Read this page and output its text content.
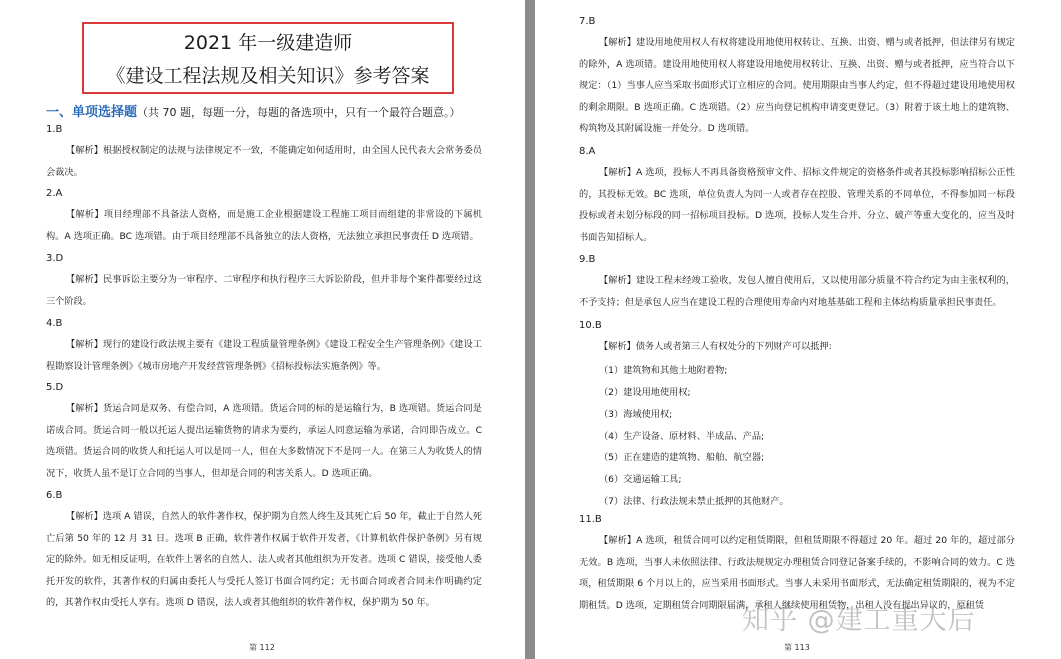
2021 年一级建造师
《建设工程法规及相关知识》参考答案
一、单项选择题（共 70 题，每题一分，每题的备选项中，只有一个最符合题意。）
1.B
【解析】根据授权制定的法规与法律规定不一致，不能确定如何适用时，由全国人民代表大会常务委员会裁决。
2.A
【解析】项目经理部不具备法人资格，而是施工企业根据建设工程施工项目而组建的非常设的下属机构。A 选项正确。BC 选项错。由于项目经理部不具备独立的法人资格，无法独立承担民事责任 D 选项错。
3.D
【解析】民事诉讼主要分为一审程序、二审程序和执行程序三大诉讼阶段，但并非每个案件都要经过这三个阶段。
4.B
【解析】现行的建设行政法规主要有《建设工程质量管理条例》《建设工程安全生产管理条例》《建设工程勘察设计管理条例》《城市房地产开发经营管理条例》《招标投标法实施条例》等。
5.D
【解析】货运合同是双务、有偿合同，A 选项错。货运合同的标的是运输行为，B 选项错。货运合同是诺成合同。货运合同一般以托运人提出运输货物的请求为要约，承运人同意运输为承诺，合同即告成立。C 选项错。货运合同的收货人和托运人可以是同一人，但在大多数情况下不是同一人。在第三人为收货人的情况下，收货人虽不是订立合同的当事人，但却是合同的利害关系人。D 选项正确。
6.B
【解析】选项 A 错误，自然人的软件著作权，保护期为自然人终生及其死亡后 50 年，截止于自然人死亡后第 50 年的 12 月 31 日。选项 B 正确，软件著作权属于软件开发者，《计算机软件保护条例》另有规定的除外。如无相反证明，在软件上署名的自然人、法人或者其他组织为开发者。选项 C 错误，接受他人委托开发的软件，其著作权的归属由委托人与受托人签订书面合同约定；无书面合同或者合同未作明确约定的，其著作权由受托人享有。选项 D 错误，法人或者其他组织的软件著作权，保护期为 50 年。
第 112
7.B
【解析】建设用地使用权人有权将建设用地使用权转让、互换、出资、赠与或者抵押，但法律另有规定的除外，A 选项错。建设用地使用权人将建设用地使用权转让、互换、出资、赠与或者抵押，应当符合以下规定：（1）当事人应当采取书面形式订立相应的合同。使用期限由当事人约定，但不得超过建设用地使用权的剩余期限。B 选项正确。C 选项错。（2）应当向登记机构申请变更登记。（3）附着于该土地上的建筑物、构筑物及其附属设施一并处分。D 选项错。
8.A
【解析】A 选项，投标人不再具备资格预审文件、招标文件规定的资格条件或者其投标影响招标公正性的，其投标无效。BC 选项，单位负责人为同一人或者存在控股、管理关系的不同单位，不得参加同一标段投标或者未划分标段的同一招标项目投标。D 选项，投标人发生合并、分立、破产等重大变化的，应当及时书面告知招标人。
9.B
【解析】建设工程未经竣工验收，发包人擅自使用后，又以使用部分质量不符合约定为由主张权利的，不予支持；但是承包人应当在建设工程的合理使用寿命内对地基基础工程和主体结构质量承担民事责任。
10.B
【解析】债务人或者第三人有权处分的下列财产可以抵押:
（1）建筑物和其他土地附着物;
（2）建设用地使用权;
（3）海域使用权;
（4）生产设备、原材料、半成品、产品;
（5）正在建造的建筑物、船舶、航空器;
（6）交通运输工具;
（7）法律、行政法规未禁止抵押的其他财产。
11.B
【解析】A 选项，租赁合同可以约定租赁期限，但租赁期限不得超过 20 年。超过 20 年的，超过部分无效。B 选项，当事人未依照法律、行政法规规定办理租赁合同登记备案手续的，不影响合同的效力。C 选项，租赁期限 6 个月以上的，应当采用书面形式。当事人未采用书面形式，无法确定租赁期限的，视为不定期租赁。D 选项，定期租赁合同期限届满，承租人继续使用租赁物，出租人没有提出异议的，原租赁
第 113
知乎 @建工重大后
